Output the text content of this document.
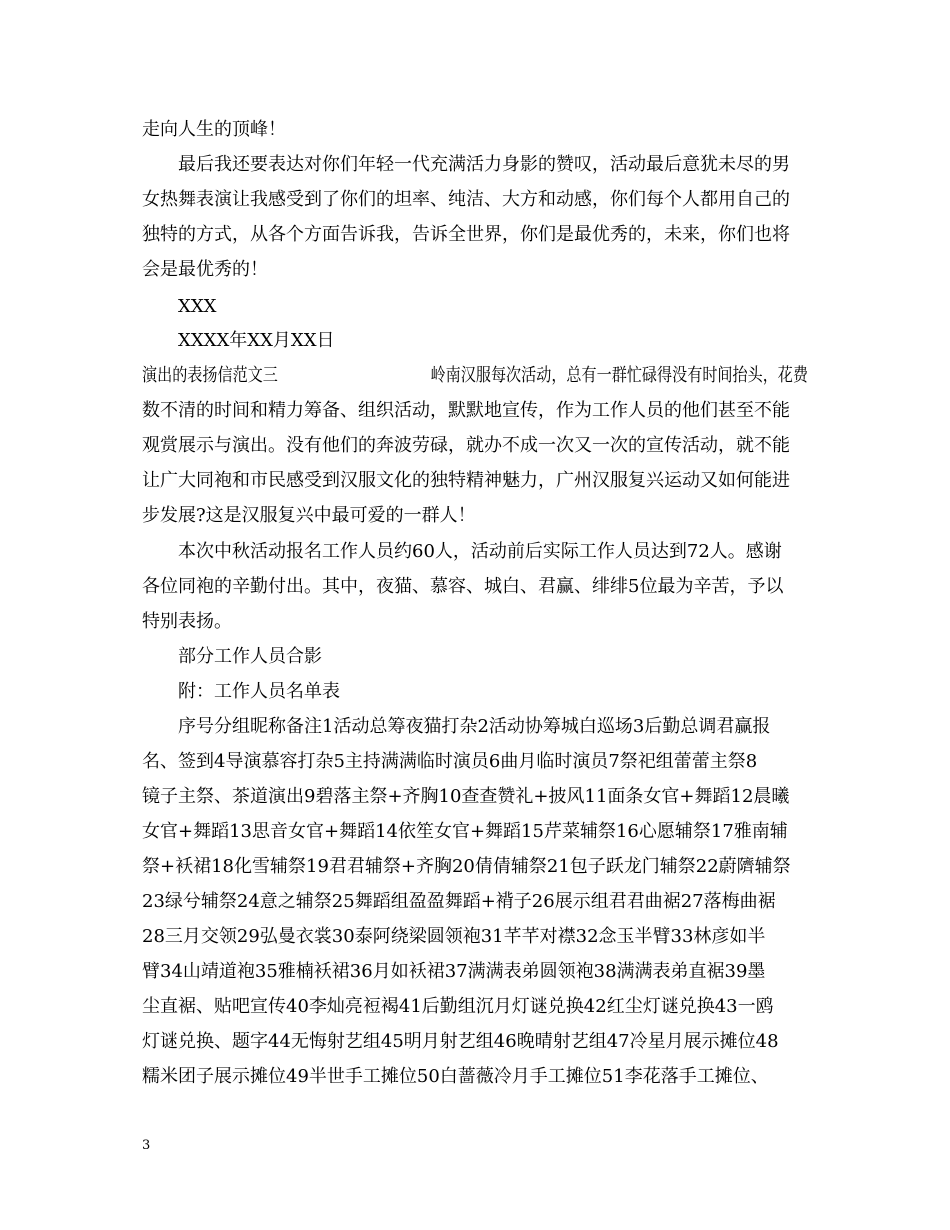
走向人生的顶峰！
最后我还要表达对你们年轻一代充满活力身影的赞叹，活动最后意犹未尽的男
女热舞表演让我感受到了你们的坦率、纯洁、大方和动感，你们每个人都用自己的
独特的方式，从各个方面告诉我，告诉全世界，你们是最优秀的，未来，你们也将
会是最优秀的！
XXX
XXXX年XX月XX日
演出的表扬信范文三	岭南汉服每次活动，总有一群忙碌得没有时间抬头，花费
数不清的时间和精力筹备、组织活动，默默地宣传，作为工作人员的他们甚至不能
观赏展示与演出。没有他们的奔波劳碌，就办不成一次又一次的宣传活动，就不能
让广大同袍和市民感受到汉服文化的独特精神魅力，广州汉服复兴运动又如何能进
步发展?这是汉服复兴中最可爱的一群人！
本次中秋活动报名工作人员约60人，活动前后实际工作人员达到72人。感谢
各位同袍的辛勤付出。其中，夜猫、慕容、城白、君赢、绯绯5位最为辛苦，予以
特别表扬。
部分工作人员合影
附：工作人员名单表
序号分组昵称备注1活动总筹夜猫打杂2活动协筹城白巡场3后勤总调君赢报
名、签到4导演慕容打杂5主持满满临时演员6曲月临时演员7祭祀组蕾蕾主祭8
镜子主祭、茶道演出9碧落主祭+齐胸10查查赞礼+披风11面条女官+舞蹈12晨曦
女官+舞蹈13思音女官+舞蹈14依笙女官+舞蹈15芹菜辅祭16心愿辅祭17雅南辅
祭+袄裙18化雪辅祭19君君辅祭+齐胸20倩倩辅祭21包子跃龙门辅祭22蔚隮辅祭
23绿兮辅祭24意之辅祭25舞蹈组盈盈舞蹈+褙子26展示组君君曲裾27落梅曲裾
28三月交领29弘曼衣裳30泰阿绕梁圆领袍31芊芊对襟32念玉半臂33林彦如半
臂34山靖道袍35雅楠袄裙36月如袄裙37满满表弟圆领袍38满满表弟直裾39墨
尘直裾、贴吧宣传40李灿亮裋褐41后勤组沉月灯谜兑换42红尘灯谜兑换43一鸥
灯谜兑换、题字44无悔射艺组45明月射艺组46晚晴射艺组47冷星月展示摊位48
糯米团子展示摊位49半世手工摊位50白蔷薇冷月手工摊位51李花落手工摊位、
3
